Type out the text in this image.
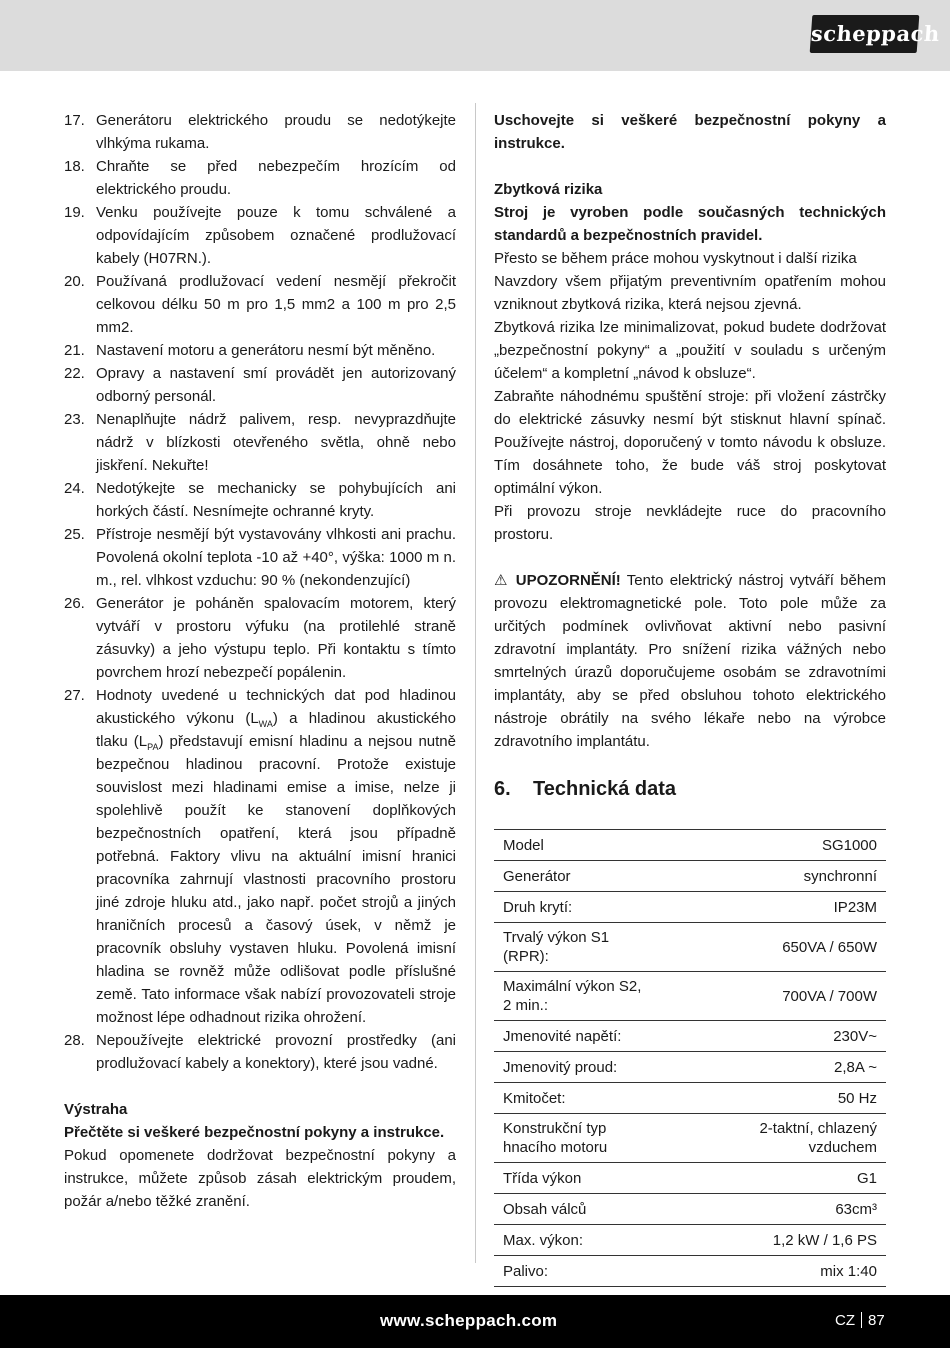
scheppach
17. Generátoru elektrického proudu se nedotýkejte vlhkýma rukama.
18. Chraňte se před nebezpečím hrozícím od elektrického proudu.
19. Venku používejte pouze k tomu schválené a odpovídajícím způsobem označené prodlužovací kabely (H07RN.).
20. Používaná prodlužovací vedení nesmějí překročit celkovou délku 50 m pro 1,5 mm2 a 100 m pro 2,5 mm2.
21. Nastavení motoru a generátoru nesmí být měněno.
22. Opravy a nastavení smí provádět jen autorizovaný odborný personál.
23. Nenaplňujte nádrž palivem, resp. nevyprazdňujte nádrž v blízkosti otevřeného světla, ohně nebo jiskření. Nekuřte!
24. Nedotýkejte se mechanicky se pohybujících ani horkých částí. Nesnímejte ochranné kryty.
25. Přístroje nesmějí být vystavovány vlhkosti ani prachu. Povolená okolní teplota -10 až +40°, výška: 1000 m n. m., rel. vlhkost vzduchu: 90 % (nekondenzující)
26. Generátor je poháněn spalovacím motorem, který vytváří v prostoru výfuku (na protilehlé straně zásuvky) a jeho výstupu teplo. Při kontaktu s tímto povrchem hrozí nebezpečí popálenin.
27. Hodnoty uvedené u technických dat pod hladinou akustického výkonu $(L_{WA})$ a hladinou akustického tlaku $(L_{PA})$ představují emisní hladinu a nejsou nutně bezpečnou hladinou pracovní. Protože existuje souvislost mezi hladinami emise a imise, nelze ji spolehlivě použít ke stanovení doplňkových bezpečnostních opatření, která jsou případně potřebná. Faktory vlivu na aktuální imisní hranici pracovníka zahrnují vlastnosti pracovního prostoru jiné zdroje hluku atd., jako např. počet strojů a jiných hraničních procesů a časový úsek, v němž je pracovník obsluhy vystaven hluku. Povolená imisní hladina se rovněž může odlišovat podle příslušné země. Tato informace však nabízí provozovateli stroje možnost lépe odhadnout rizika ohrožení.
28. Nepoužívejte elektrické provozní prostředky (ani prodlužovací kabely a konektory), které jsou vadné.

Výstraha

Přečtěte si veškeré bezpečnostní pokyny a instrukce.

Pokud opomenete dodržovat bezpečnostní pokyny a instrukce, můžete způsob zásah elektrickým proudem, požár a/nebo těžké zranění.

Uschovejte si veškeré bezpečnostní pokyny a instrukce.

Zbytková rizika

Stroj je vyroben podle současných technických standardů a bezpečnostních pravidel.

Přesto se během práce mohou vyskytnout i další rizika

Navzdory všem přijatým preventivním opatřením mohou vzniknout zbytková rizika, která nejsou zjevná.

Zbytková rizika lze minimalizovat, pokud budete dodržovat „bezpečnostní pokyny“ a „použití v souladu s určeným účelem“ a kompletní „návod k obsluze“.

Zabraňte náhodnému spuštění stroje: při vložení zástrčky do elektrické zásuvky nesmí být stisknut hlavní spínač. Používejte nástroj, doporučený v tomto návodu k obsluze. Tím dosáhnete toho, že bude váš stroj poskytovat optimální výkon.

Při provozu stroje nevkládejte ruce do pracovního prostoru.

⚠ UPOZORNĚNÍ! Tento elektrický nástroj vytváří během provozu elektromagnetické pole. Toto pole může za určitých podmínek ovlivňovat aktivní nebo pasivní zdravotní implantáty. Pro snížení rizika vážných nebo smrtelných úrazů doporučujeme osobám se zdravotními implantáty, aby se před obsluhou tohoto elektrického nástroje obrátily na svého lékaře nebo na výrobce zdravotního implantátu.

6. Technická data
Model	SG1000
Generátor	synchronní
Druh krytí:	IP23M
Trvalý výkon S1 (RPR):	650VA / 650W
Maximální výkon S2, 2 min.:	700VA / 700W
Jmenovité napětí:	230V~
Jmenovitý proud:	2,8A ~
Kmitočet:	50 Hz
Konstrukční typ hnacího motoru	2-taktní, chlazený vzduchem
Třída výkon	G1
Obsah válců	63cm³
Max. výkon:	1,2 kW / 1,6 PS
Palivo:	mix 1:40
www.scheppach.com	CZ 87
